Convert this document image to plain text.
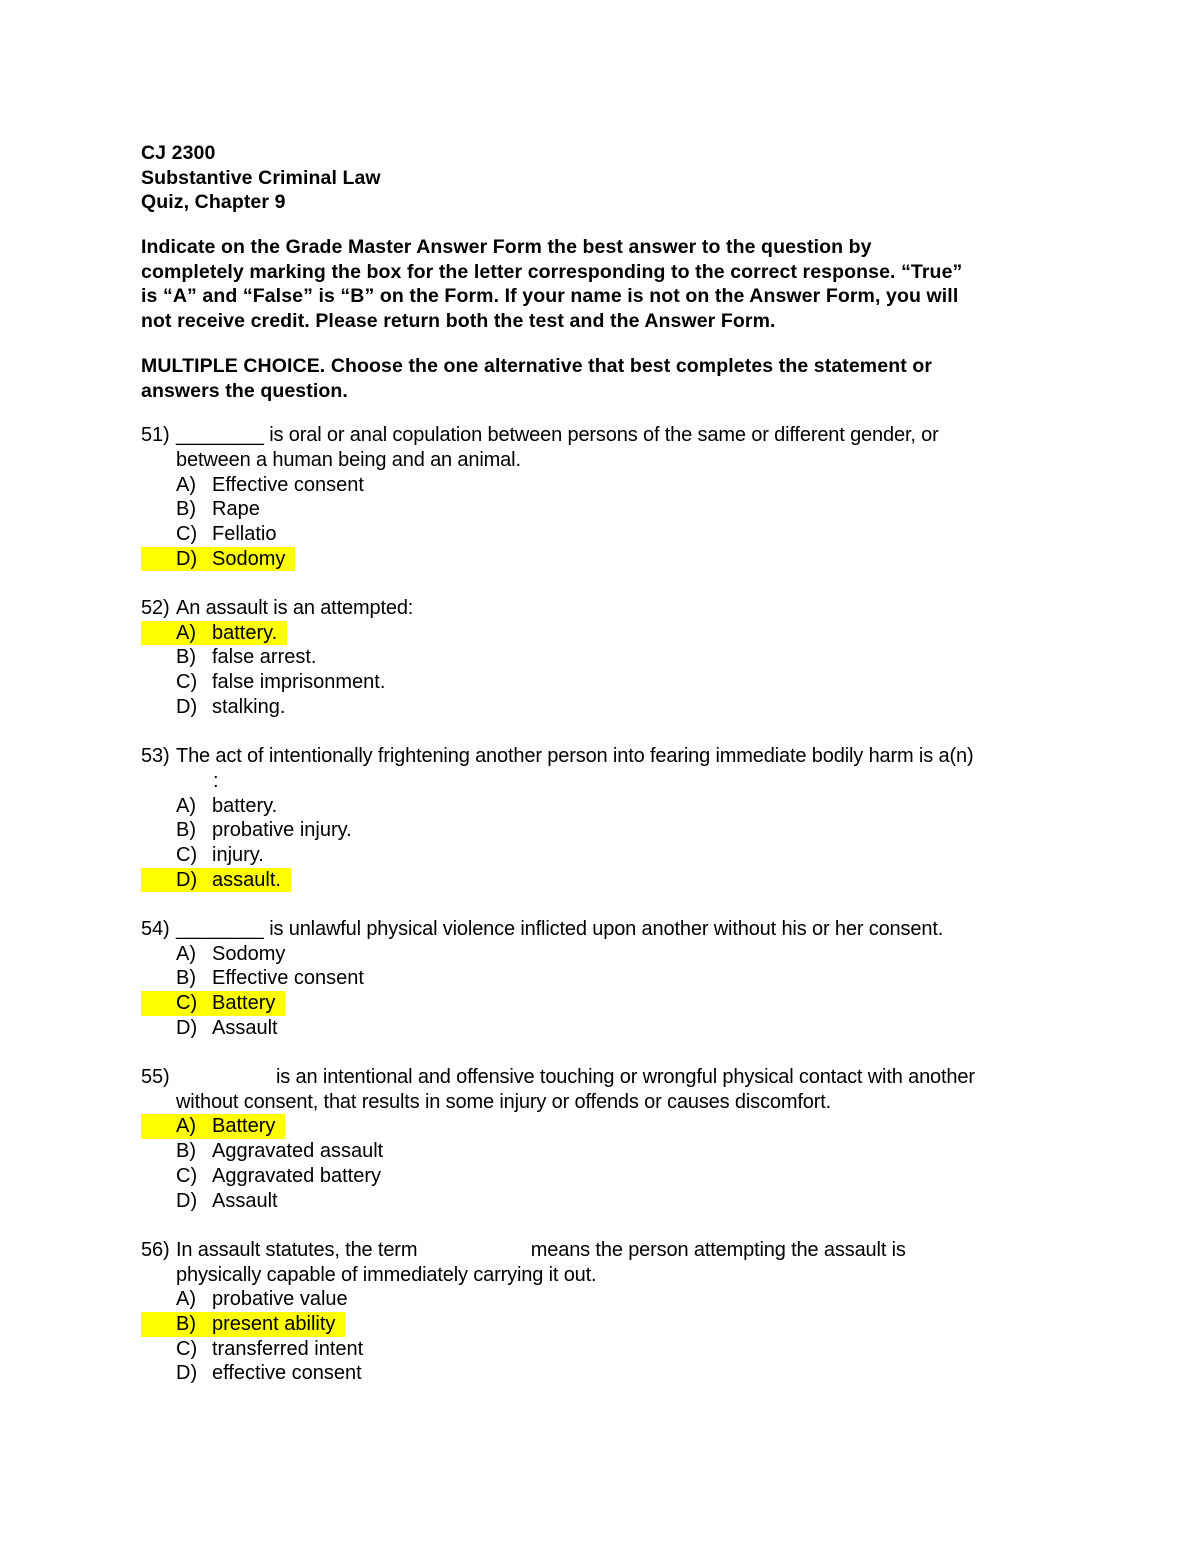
CJ 2300
Substantive Criminal Law
Quiz, Chapter 9
Indicate on the Grade Master Answer Form the best answer to the question by
completely marking the box for the letter corresponding to the correct response. “True”
is “A” and “False” is “B” on the Form. If your name is not on the Answer Form, you will
not receive credit. Please return both the test and the Answer Form.
MULTIPLE CHOICE. Choose the one alternative that best completes the statement or
answers the question.
51) ________ is oral or anal copulation between persons of the same or different gender, or
between a human being and an animal.
A) Effective consent
B) Rape
C) Fellatio
D) Sodomy
52) An assault is an attempted:
A) battery.
B) false arrest.
C) false imprisonment.
D) stalking.
53) The act of intentionally frightening another person into fearing immediate bodily harm is a(n)
:
A) battery.
B) probative injury.
C) injury.
D) assault.
54) ________ is unlawful physical violence inflicted upon another without his or her consent.
A) Sodomy
B) Effective consent
C) Battery
D) Assault
55)	is an intentional and offensive touching or wrongful physical contact with another
without consent, that results in some injury or offends or causes discomfort.
A) Battery
B) Aggravated assault
C) Aggravated battery
D) Assault
56) In assault statutes, the term	means the person attempting the assault is
physically capable of immediately carrying it out.
A) probative value
B) present ability
C) transferred intent
D) effective consent
